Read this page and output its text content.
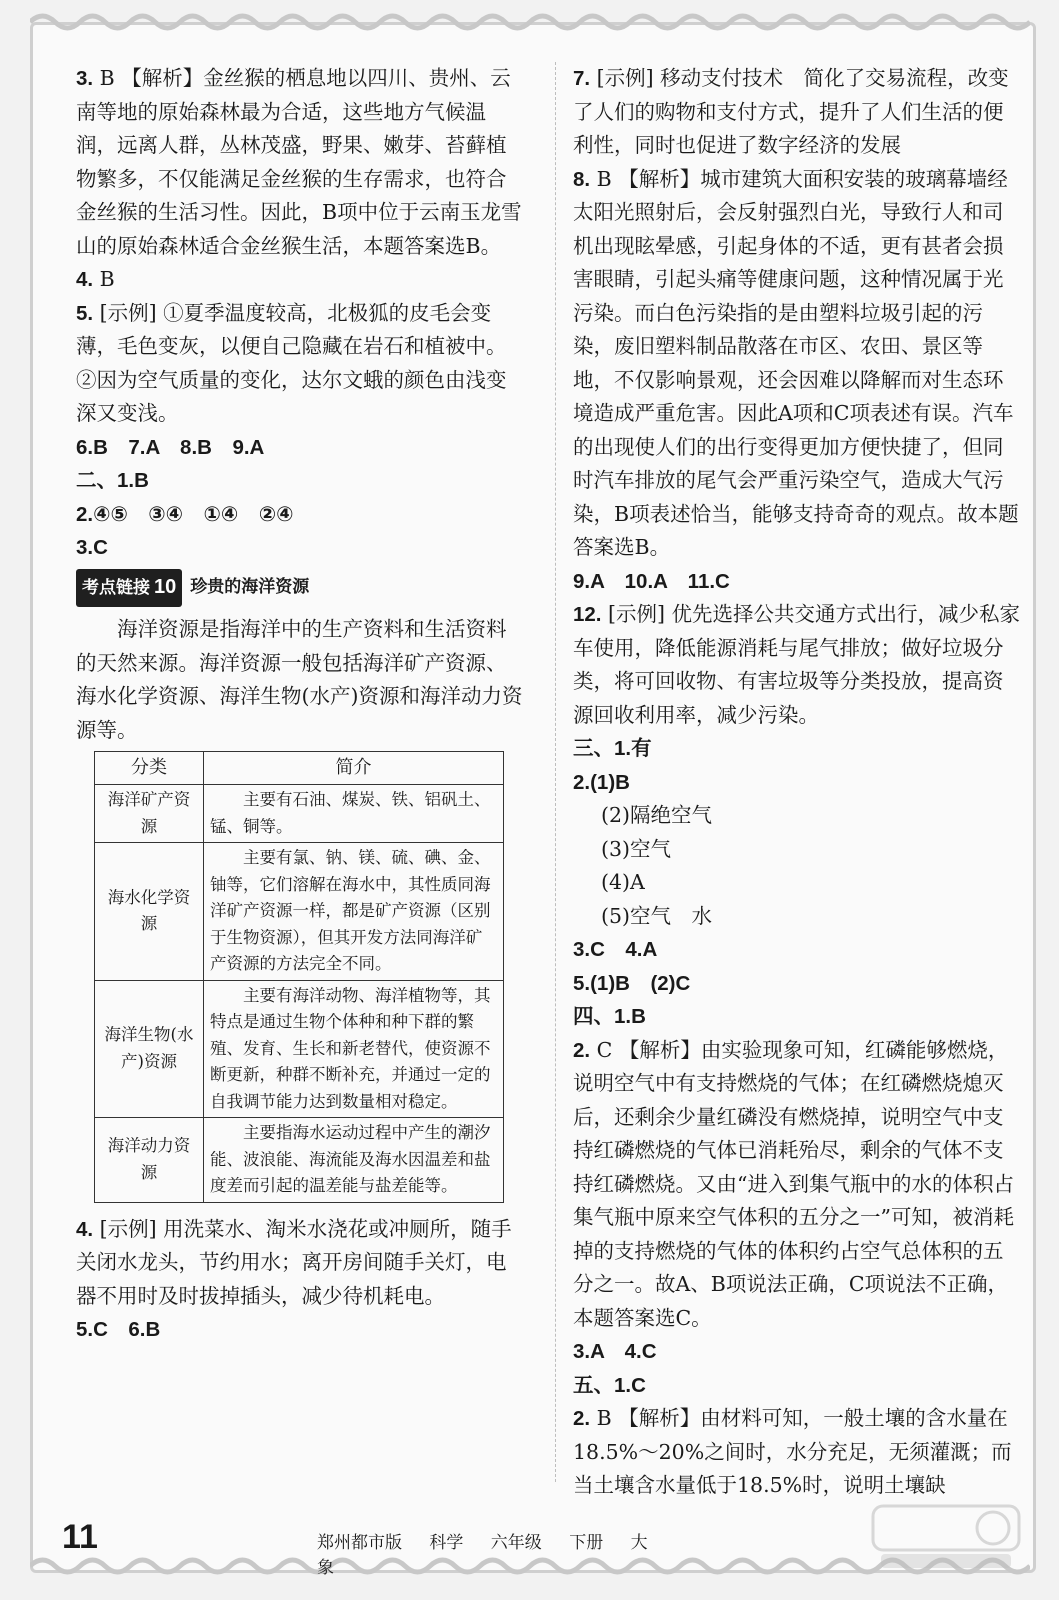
3. B 【解析】金丝猴的栖息地以四川、贵州、云南等地的原始森林最为合适，这些地方气候温润，远离人群，丛林茂盛，野果、嫩芽、苔藓植物繁多，不仅能满足金丝猴的生存需求，也符合金丝猴的生活习性。因此，B项中位于云南玉龙雪山的原始森林适合金丝猴生活，本题答案选B。

4. B

5. [示例] ①夏季温度较高，北极狐的皮毛会变薄，毛色变灰，以便自己隐藏在岩石和植被中。②因为空气质量的变化，达尔文蛾的颜色由浅变深又变浅。

6.B　7.A　8.B　9.A

二、1.B

2.④⑤　③④　①④　②④

3.C

考点链接 10 珍贵的海洋资源

海洋资源是指海洋中的生产资料和生活资料的天然来源。海洋资源一般包括海洋矿产资源、海水化学资源、海洋生物(水产)资源和海洋动力资源等。

分类	简介
海洋矿产资源	主要有石油、煤炭、铁、铝矾土、锰、铜等。
海水化学资源	主要有氯、钠、镁、硫、碘、金、铀等，它们溶解在海水中，其性质同海洋矿产资源一样，都是矿产资源（区别于生物资源），但其开发方法同海洋矿产资源的方法完全不同。
海洋生物(水产)资源	主要有海洋动物、海洋植物等，其特点是通过生物个体种和种下群的繁殖、发育、生长和新老替代，使资源不断更新，种群不断补充，并通过一定的自我调节能力达到数量相对稳定。
海洋动力资源	主要指海水运动过程中产生的潮汐能、波浪能、海流能及海水因温差和盐度差而引起的温差能与盐差能等。

4. [示例] 用洗菜水、淘米水浇花或冲厕所，随手关闭水龙头，节约用水；离开房间随手关灯，电器不用时及时拔掉插头，减少待机耗电。

5.C　6.B

7. [示例] 移动支付技术　简化了交易流程，改变了人们的购物和支付方式，提升了人们生活的便利性，同时也促进了数字经济的发展

8. B 【解析】城市建筑大面积安装的玻璃幕墙经太阳光照射后，会反射强烈白光，导致行人和司机出现眩晕感，引起身体的不适，更有甚者会损害眼睛，引起头痛等健康问题，这种情况属于光污染。而白色污染指的是由塑料垃圾引起的污染，废旧塑料制品散落在市区、农田、景区等地，不仅影响景观，还会因难以降解而对生态环境造成严重危害。因此A项和C项表述有误。汽车的出现使人们的出行变得更加方便快捷了，但同时汽车排放的尾气会严重污染空气，造成大气污染，B项表述恰当，能够支持奇奇的观点。故本题答案选B。

9.A　10.A　11.C

12. [示例] 优先选择公共交通方式出行，减少私家车使用，降低能源消耗与尾气排放；做好垃圾分类，将可回收物、有害垃圾等分类投放，提高资源回收利用率，减少污染。

三、1.有

2.(1)B

(2)隔绝空气

(3)空气

(4)A

(5)空气　水

3.C　4.A

5.(1)B　(2)C

四、1.B

2. C 【解析】由实验现象可知，红磷能够燃烧，说明空气中有支持燃烧的气体；在红磷燃烧熄灭后，还剩余少量红磷没有燃烧掉，说明空气中支持红磷燃烧的气体已消耗殆尽，剩余的气体不支持红磷燃烧。又由“进入到集气瓶中的水的体积占集气瓶中原来空气体积的五分之一”可知，被消耗掉的支持燃烧的气体的体积约占空气总体积的五分之一。故A、B项说法正确，C项说法不正确，本题答案选C。

3.A　4.C

五、1.C

2. B 【解析】由材料可知，一般土壤的含水量在18.5%～20%之间时，水分充足，无须灌溉；而当土壤含水量低于18.5%时，说明土壤缺

11	郑州都市版 科学 六年级 下册 大象
